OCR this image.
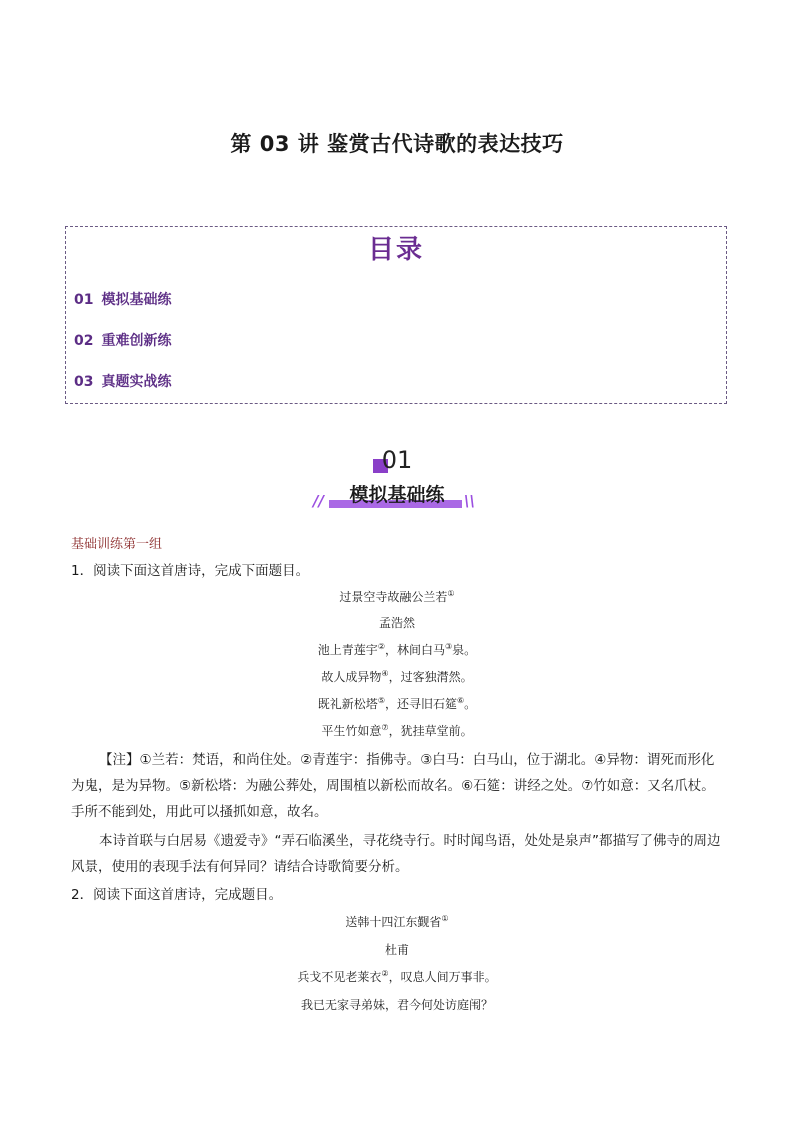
第 03 讲 鉴赏古代诗歌的表达技巧
目录
01 模拟基础练
02 重难创新练
03 真题实战练
01
// 模拟基础练 \\
基础训练第一组
1．阅读下面这首唐诗，完成下面题目。
过景空寺故融公兰若①
孟浩然
池上青莲宇②，林间白马③泉。
故人成异物④，过客独潸然。
既礼新松塔⑤，还寻旧石筵⑥。
平生竹如意⑦，犹挂草堂前。
【注】①兰若：梵语，和尚住处。②青莲宇：指佛寺。③白马：白马山，位于湖北。④异物：谓死而形化为鬼，是为异物。⑤新松塔：为融公葬处，周围植以新松而故名。⑥石筵：讲经之处。⑦竹如意：又名爪杖。手所不能到处，用此可以搔抓如意，故名。
本诗首联与白居易《遗爱寺》“弄石临溪坐，寻花绕寺行。时时闻鸟语，处处是泉声”都描写了佛寺的周边风景，使用的表现手法有何异同？请结合诗歌简要分析。
2．阅读下面这首唐诗，完成题目。
送韩十四江东觐省①
杜甫
兵戈不见老莱衣②，叹息人间万事非。
我已无家寻弟妹，君今何处访庭闱？
